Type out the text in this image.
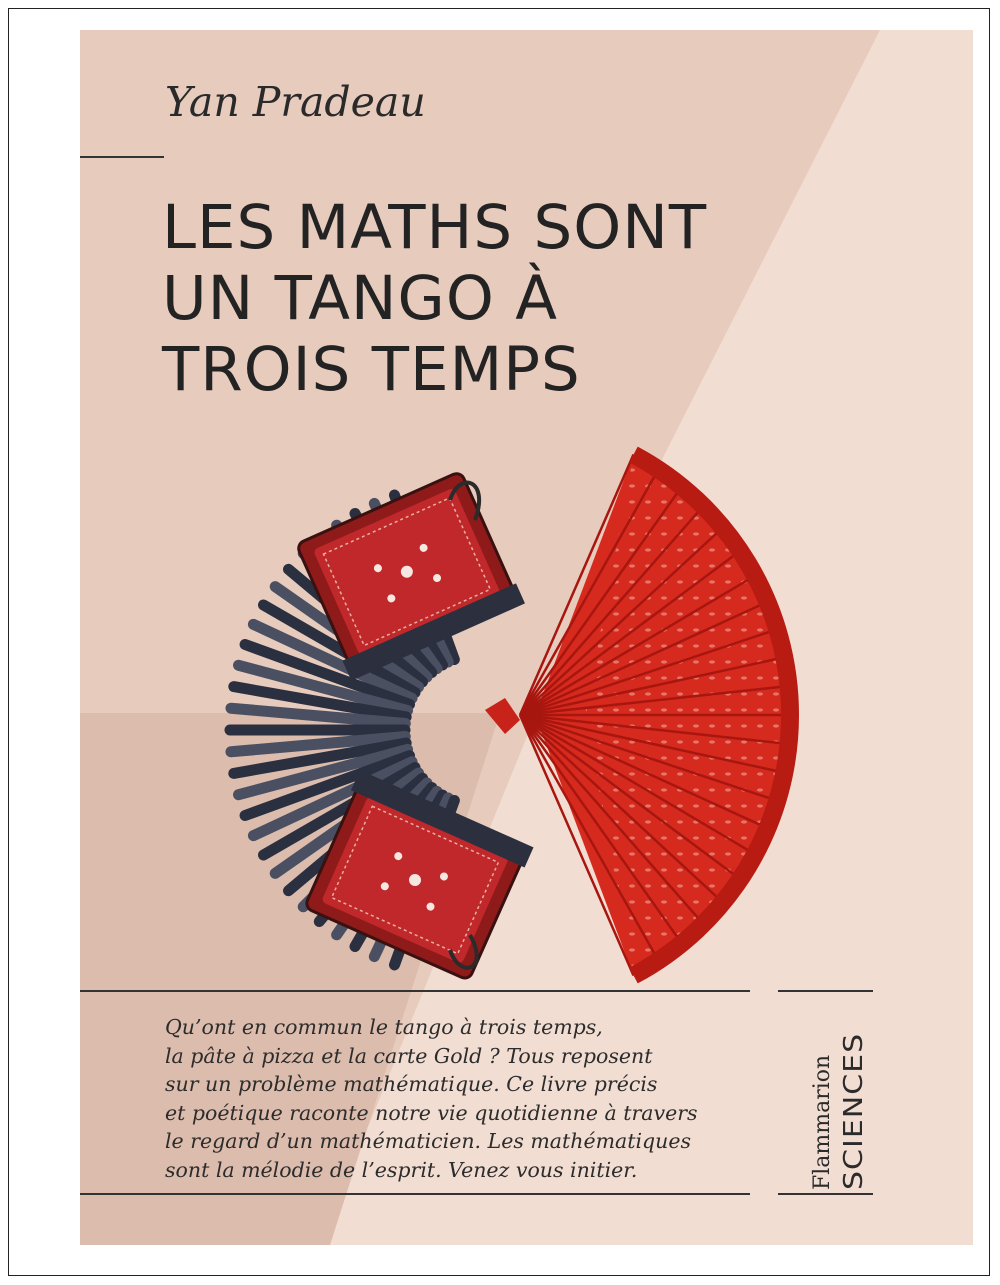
Yan Pradeau
LES MATHS SONT
UN TANGO À
TROIS TEMPS

Qu’ont en commun le tango à trois temps,
la pâte à pizza et la carte Gold ? Tous reposent
sur un problème mathématique. Ce livre précis
et poétique raconte notre vie quotidienne à travers
le regard d’un mathématicien. Les mathématiques
sont la mélodie de l’esprit. Venez vous initier.	Flammarion SCIENCES
